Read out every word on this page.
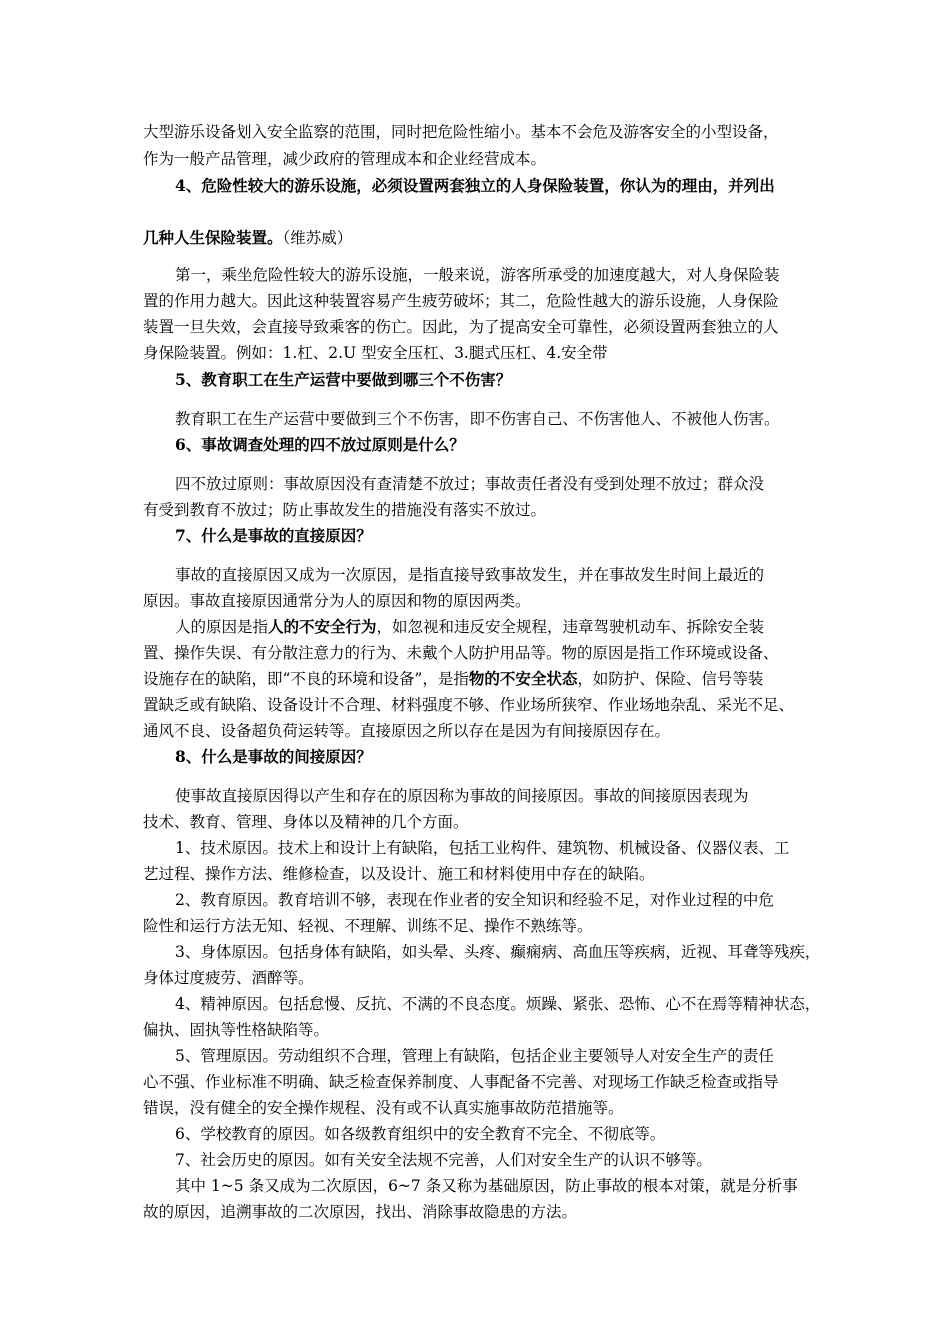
大型游乐设备划入安全监察的范围，同时把危险性缩小。基本不会危及游客安全的小型设备，
作为一般产品管理，减少政府的管理成本和企业经营成本。
4、危险性较大的游乐设施，必须设置两套独立的人身保险装置，你认为的理由，并列出
几种人生保险装置。（维苏威）
第一，乘坐危险性较大的游乐设施，一般来说，游客所承受的加速度越大，对人身保险装
置的作用力越大。因此这种装置容易产生疲劳破坏；其二，危险性越大的游乐设施，人身保险
装置一旦失效，会直接导致乘客的伤亡。因此，为了提高安全可靠性，必须设置两套独立的人
身保险装置。例如：1.杠、2.U 型安全压杠、3.腿式压杠、4.安全带
5、教育职工在生产运营中要做到哪三个不伤害？
教育职工在生产运营中要做到三个不伤害，即不伤害自己、不伤害他人、不被他人伤害。
6、事故调查处理的四不放过原则是什么？
四不放过原则：事故原因没有查清楚不放过；事故责任者没有受到处理不放过；群众没
有受到教育不放过；防止事故发生的措施没有落实不放过。
7、什么是事故的直接原因？
事故的直接原因又成为一次原因，是指直接导致事故发生，并在事故发生时间上最近的
原因。事故直接原因通常分为人的原因和物的原因两类。
人的原因是指人的不安全行为，如忽视和违反安全规程，违章驾驶机动车、拆除安全装
置、操作失误、有分散注意力的行为、未戴个人防护用品等。物的原因是指工作环境或设备、
设施存在的缺陷，即“不良的环境和设备”，是指物的不安全状态，如防护、保险、信号等装
置缺乏或有缺陷、设备设计不合理、材料强度不够、作业场所狭窄、作业场地杂乱、采光不足、
通风不良、设备超负荷运转等。直接原因之所以存在是因为有间接原因存在。
8、什么是事故的间接原因？
使事故直接原因得以产生和存在的原因称为事故的间接原因。事故的间接原因表现为
技术、教育、管理、身体以及精神的几个方面。
1、技术原因。技术上和设计上有缺陷，包括工业构件、建筑物、机械设备、仪器仪表、工
艺过程、操作方法、维修检查，以及设计、施工和材料使用中存在的缺陷。
2、教育原因。教育培训不够，表现在作业者的安全知识和经验不足，对作业过程的中危
险性和运行方法无知、轻视、不理解、训练不足、操作不熟练等。
3、身体原因。包括身体有缺陷，如头晕、头疼、癫痫病、高血压等疾病，近视、耳聋等残疾，
身体过度疲劳、酒醉等。
4、精神原因。包括怠慢、反抗、不满的不良态度。烦躁、紧张、恐怖、心不在焉等精神状态，
偏执、固执等性格缺陷等。
5、管理原因。劳动组织不合理，管理上有缺陷，包括企业主要领导人对安全生产的责任
心不强、作业标准不明确、缺乏检查保养制度、人事配备不完善、对现场工作缺乏检查或指导
错误，没有健全的安全操作规程、没有或不认真实施事故防范措施等。
6、学校教育的原因。如各级教育组织中的安全教育不完全、不彻底等。
7、社会历史的原因。如有关安全法规不完善，人们对安全生产的认识不够等。
其中 1~5 条又成为二次原因，6~7 条又称为基础原因，防止事故的根本对策，就是分析事
故的原因，追溯事故的二次原因，找出、消除事故隐患的方法。
